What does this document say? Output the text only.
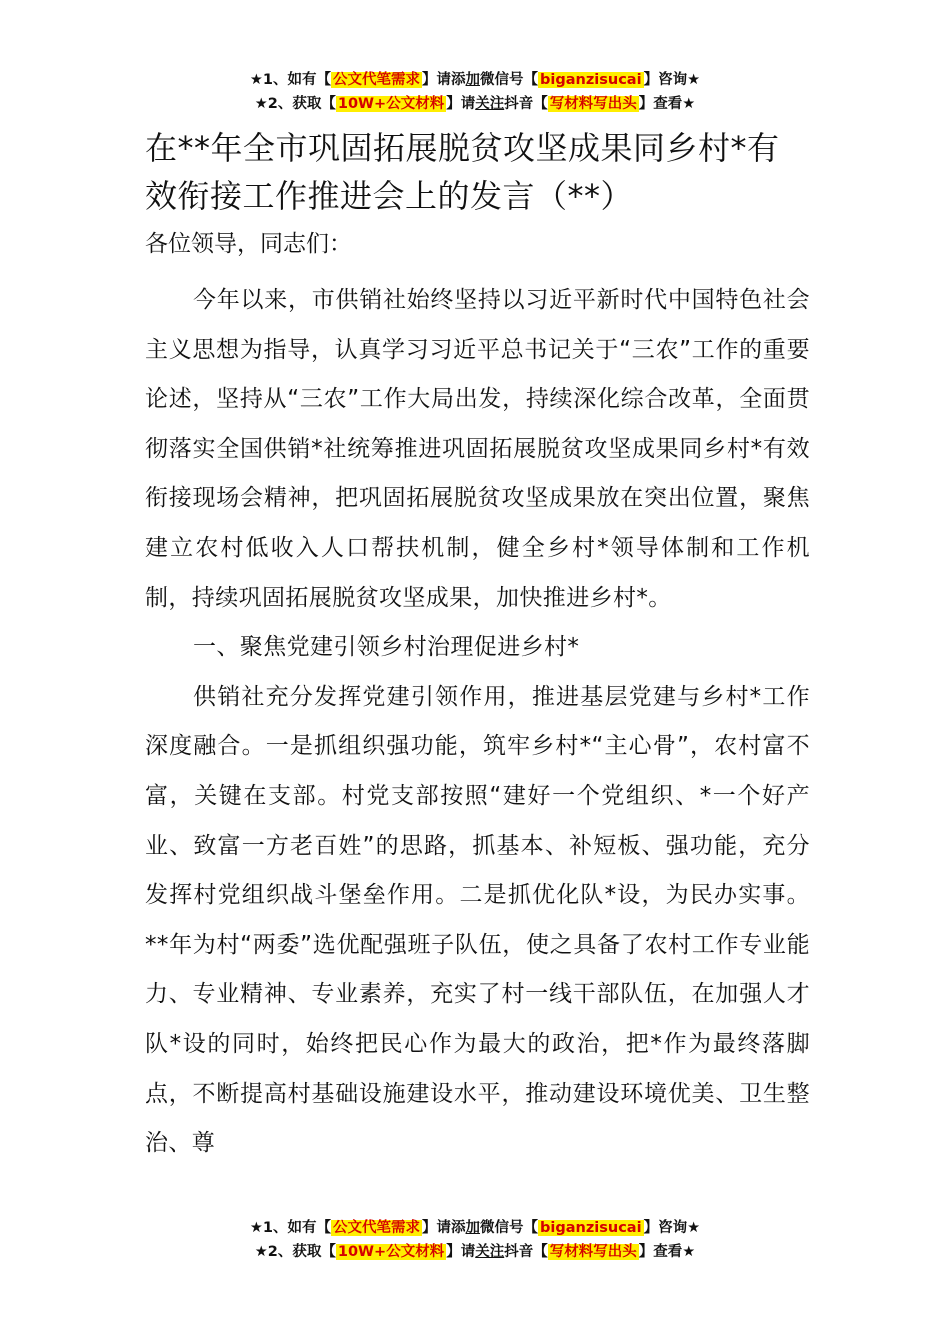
★1、如有【 公文代笔需求 】请添加微信号【 biganzisucai 】咨询★
★2、获取【 10W+公文材料 】请关注抖音【 写材料写出头 】查看★
在**年全市巩固拓展脱贫攻坚成果同乡村*有效衔接工作推进会上的发言（**）

各位领导，同志们：

今年以来，市供销社始终坚持以习近平新时代中国特色社会主义思想为指导，认真学习习近平总书记关于“三农”工作的重要论述，坚持从“三农”工作大局出发，持续深化综合改革，全面贯彻落实全国供销*社统筹推进巩固拓展脱贫攻坚成果同乡村*有效衔接现场会精神，把巩固拓展脱贫攻坚成果放在突出位置，聚焦建立农村低收入人口帮扶机制，健全乡村*领导体制和工作机制，持续巩固拓展脱贫攻坚成果，加快推进乡村*。

一、聚焦党建引领乡村治理促进乡村*

供销社充分发挥党建引领作用，推进基层党建与乡村*工作深度融合。一是抓组织强功能，筑牢乡村*“主心骨”，农村富不富，关键在支部。村党支部按照“建好一个党组织、*一个好产业、致富一方老百姓”的思路，抓基本、补短板、强功能，充分发挥村党组织战斗堡垒作用。二是抓优化队*设，为民办实事。**年为村“两委”选优配强班子队伍，使之具备了农村工作专业能力、专业精神、专业素养，充实了村一线干部队伍，在加强人才队*设的同时，始终把民心作为最大的政治，把*作为最终落脚点，不断提高村基础设施建设水平，推动建设环境优美、卫生整治、尊

★1、如有【 公文代笔需求 】请添加微信号【 biganzisucai 】咨询★
★2、获取【 10W+公文材料 】请关注抖音【 写材料写出头 】查看★
